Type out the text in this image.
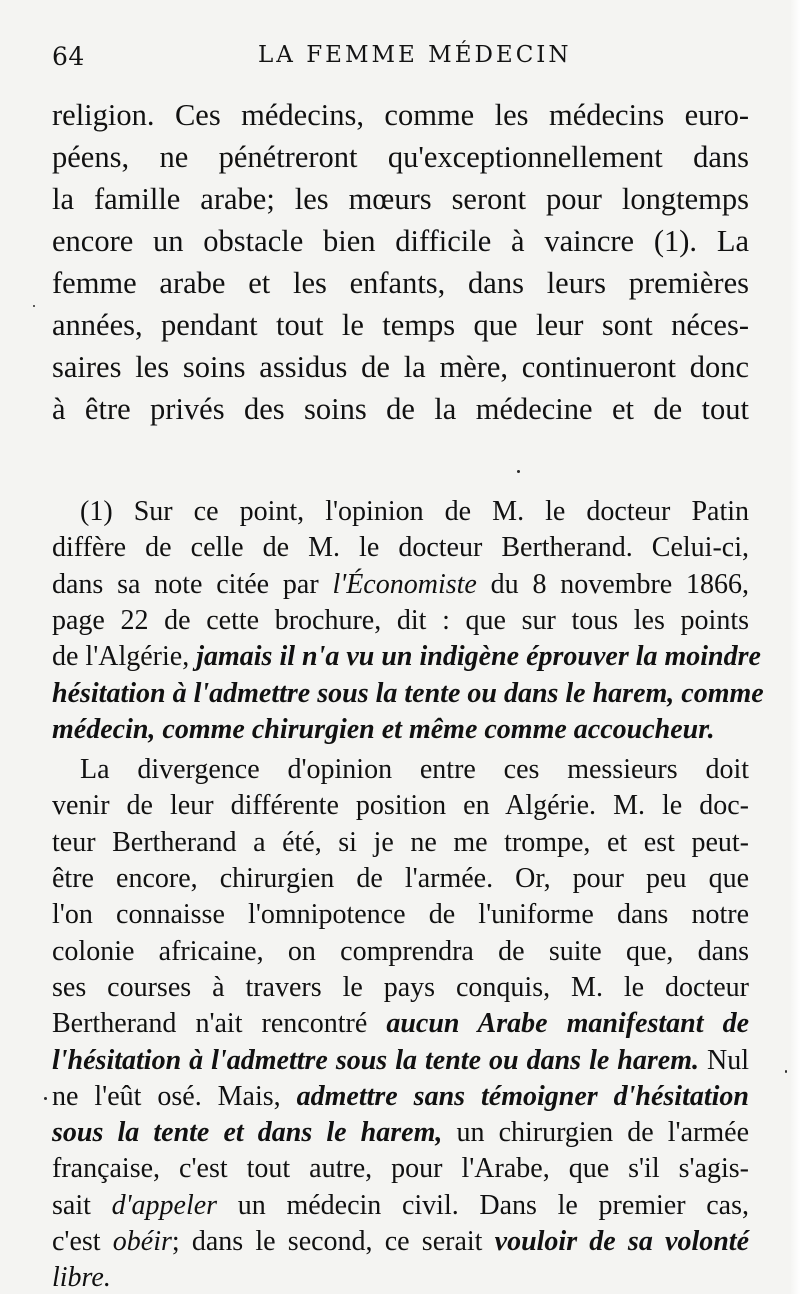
64	LA FEMME MÉDECIN
religion. Ces médecins, comme les médecins euro-
péens, ne pénétreront qu'exceptionnellement dans
la famille arabe; les mœurs seront pour longtemps
encore un obstacle bien difficile à vaincre (1). La
femme arabe et les enfants, dans leurs premières
années, pendant tout le temps que leur sont néces-
saires les soins assidus de la mère, continueront donc
à être privés des soins de la médecine et de tout
(1) Sur ce point, l'opinion de M. le docteur Patin
diffère de celle de M. le docteur Bertherand. Celui-ci,
dans sa note citée par l'Économiste du 8 novembre 1866,
page 22 de cette brochure, dit : que sur tous les points
de l'Algérie, jamais il n'a vu un indigène éprouver la moindre
hésitation à l'admettre sous la tente ou dans le harem, comme
médecin, comme chirurgien et même comme accoucheur.
La divergence d'opinion entre ces messieurs doit
venir de leur différente position en Algérie. M. le doc-
teur Bertherand a été, si je ne me trompe, et est peut-
être encore, chirurgien de l'armée. Or, pour peu que
l'on connaisse l'omnipotence de l'uniforme dans notre
colonie africaine, on comprendra de suite que, dans
ses courses à travers le pays conquis, M. le docteur
Bertherand n'ait rencontré aucun Arabe manifestant de
l'hésitation à l'admettre sous la tente ou dans le harem. Nul
ne l'eût osé. Mais, admettre sans témoigner d'hésitation
sous la tente et dans le harem, un chirurgien de l'armée
française, c'est tout autre, pour l'Arabe, que s'il s'agis-
sait d'appeler un médecin civil. Dans le premier cas,
c'est obéir; dans le second, ce serait vouloir de sa volonté
libre.
